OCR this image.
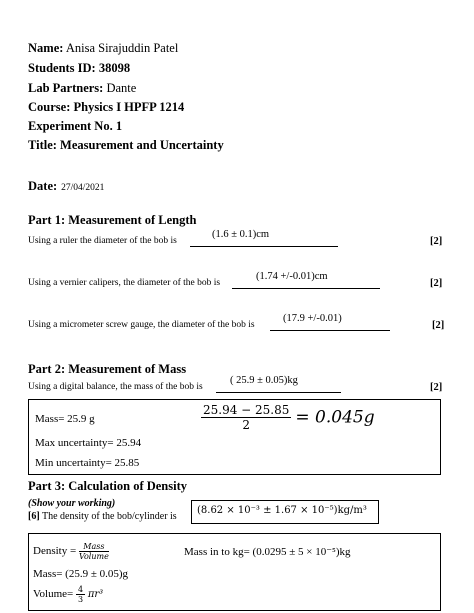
Name: Anisa Sirajuddin Patel
Students ID: 38098
Lab Partners: Dante
Course: Physics I HPFP 1214
Experiment No. 1
Title: Measurement and Uncertainty
Date: 27/04/2021
Part 1: Measurement of Length
Using a ruler the diameter of the bob is
(1.6 ± 0.1)cm
[2]
Using a vernier calipers, the diameter of the bob is
(1.74 +/-0.01)cm
[2]
Using a micrometer screw gauge, the diameter of the bob is
(17.9 +/-0.01)
[2]
Part 2: Measurement of Mass
Using a digital balance, the mass of the bob is
( 25.9 ± 0.05)kg
[2]
Mass= 25.9 g
Max uncertainty= 25.94
Min uncertainty= 25.85
$\frac{25.94 - 25.85}{2} = 0.045g$
Part 3: Calculation of Density
(Show your working)
[6] The density of the bob/cylinder is
(8.62 × 10⁻³ ± 1.67 × 10⁻⁵)kg/m³
Density = $\frac{\text{Mass}}{\text{Volume}}$	Mass in to kg= (0.0295 ± 5 × 10⁻⁵)kg
Mass= (25.9 ± 0.05)g
Volume= $\frac{4}{3} \pi r^3$
